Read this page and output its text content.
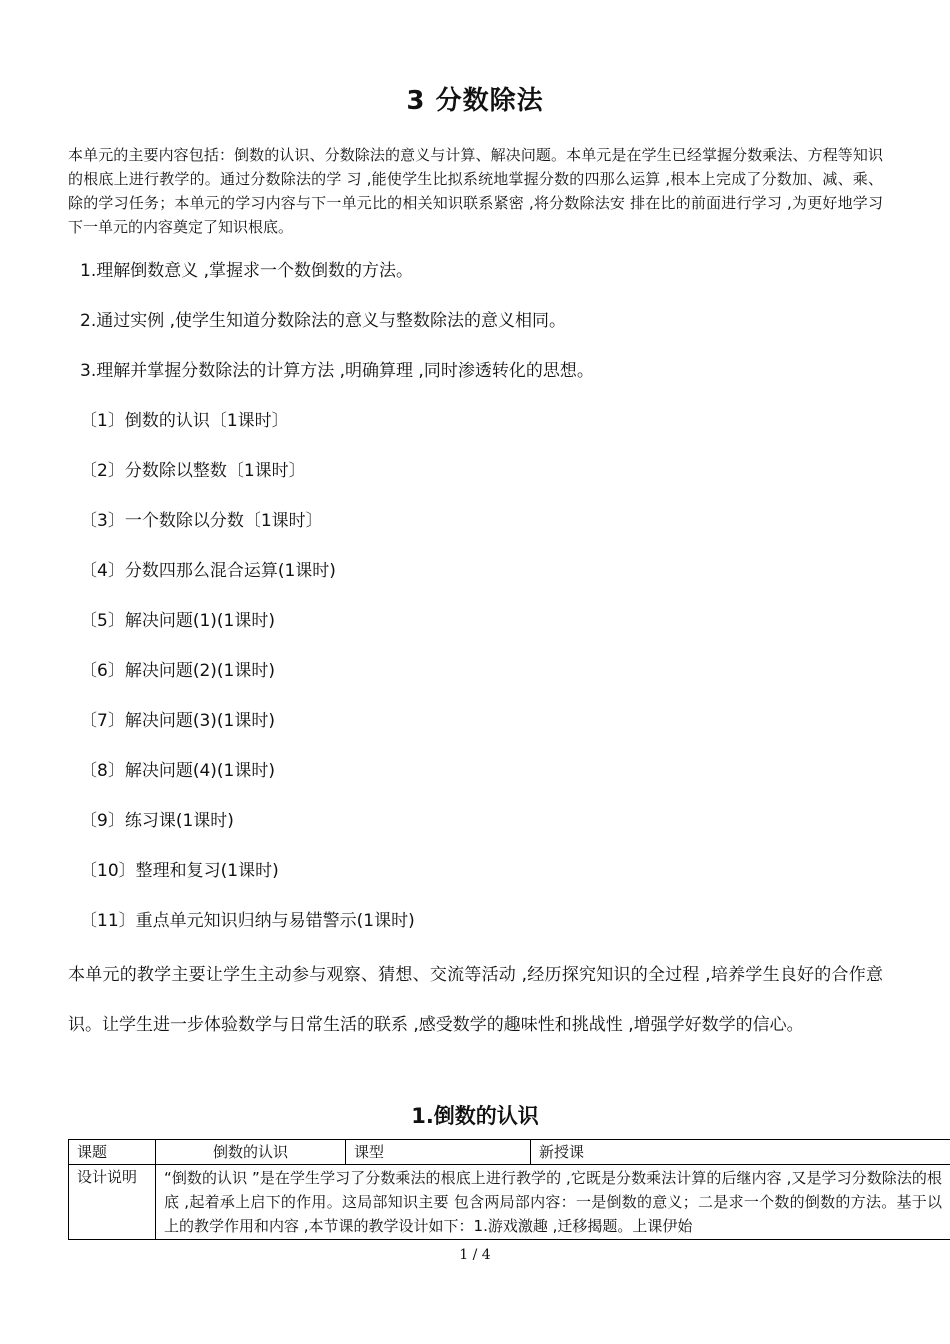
3 分数除法
本单元的主要内容包括：倒数的认识、分数除法的意义与计算、解决问题。本单元是在学生已经掌握分数乘法、方程等知识的根底上进行教学的。通过分数除法的学 习 ,能使学生比拟系统地掌握分数的四那么运算 ,根本上完成了分数加、减、乘、除的学习任务；本单元的学习内容与下一单元比的相关知识联系紧密 ,将分数除法安 排在比的前面进行学习 ,为更好地学习下一单元的内容奠定了知识根底。
1.理解倒数意义 ,掌握求一个数倒数的方法。
2.通过实例 ,使学生知道分数除法的意义与整数除法的意义相同。
3.理解并掌握分数除法的计算方法 ,明确算理 ,同时渗透转化的思想。
〔1〕倒数的认识〔1课时〕
〔2〕分数除以整数〔1课时〕
〔3〕一个数除以分数〔1课时〕
〔4〕分数四那么混合运算(1课时)
〔5〕解决问题(1)(1课时)
〔6〕解决问题(2)(1课时)
〔7〕解决问题(3)(1课时)
〔8〕解决问题(4)(1课时)
〔9〕练习课(1课时)
〔10〕整理和复习(1课时)
〔11〕重点单元知识归纳与易错警示(1课时)
本单元的教学主要让学生主动参与观察、猜想、交流等活动 ,经历探究知识的全过程 ,培养学生良好的合作意识。让学生进一步体验数学与日常生活的联系 ,感受数学的趣味性和挑战性 ,增强学好数学的信心。
1.倒数的认识
课题	倒数的认识	课型	新授课
设计说明	“倒数的认识 ”是在学生学习了分数乘法的根底上进行教学的 ,它既是分数乘法计算的后继内容 ,又是学习分数除法的根底 ,起着承上启下的作用。这局部知识主要 包含两局部内容：一是倒数的意义；二是求一个数的倒数的方法。基于以上的教学作用和内容 ,本节课的教学设计如下：1.游戏激趣 ,迁移揭题。上课伊始		
1 / 4
